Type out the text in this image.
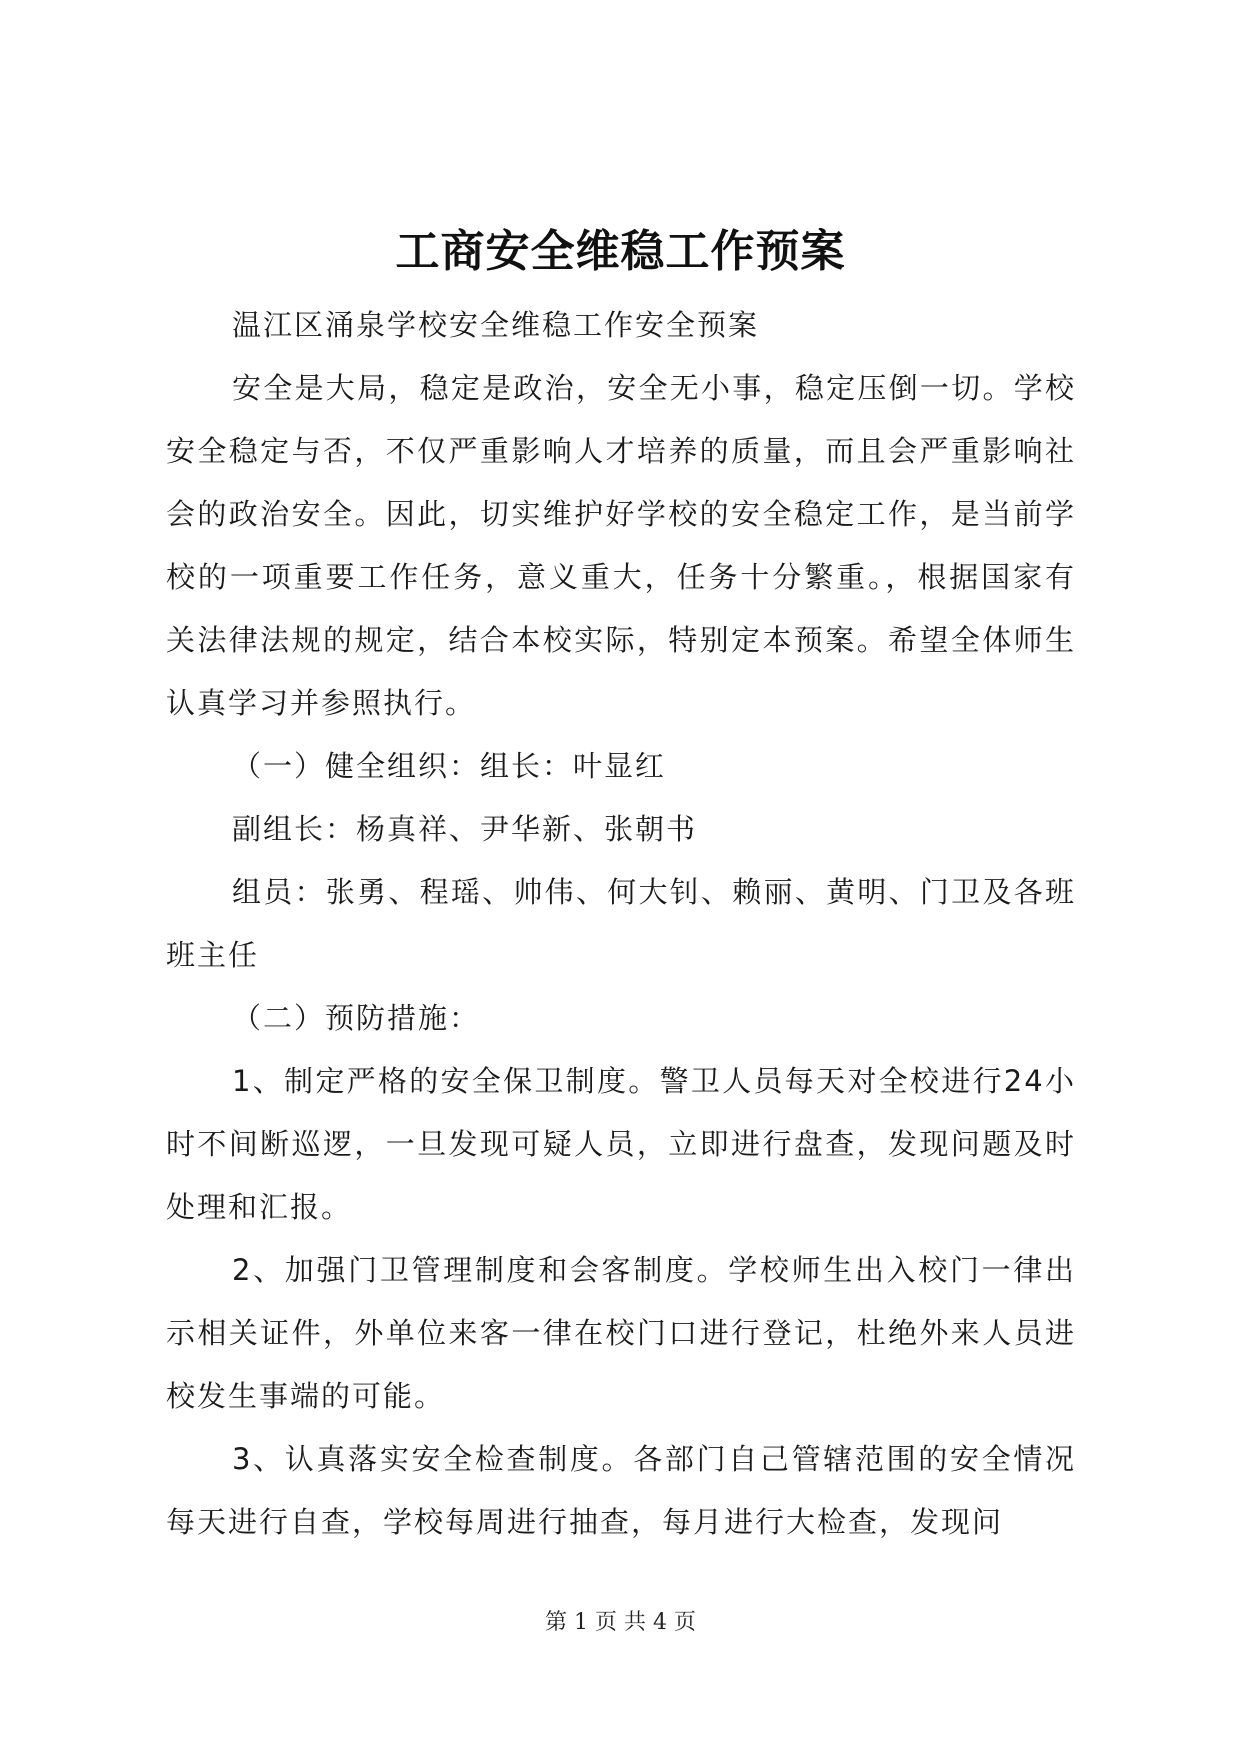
工商安全维稳工作预案

温江区涌泉学校安全维稳工作安全预案

安全是大局，稳定是政治，安全无小事，稳定压倒一切。学校安全稳定与否，不仅严重影响人才培养的质量，而且会严重影响社会的政治安全。因此，切实维护好学校的安全稳定工作，是当前学校的一项重要工作任务，意义重大，任务十分繁重。，根据国家有关法律法规的规定，结合本校实际，特别定本预案。希望全体师生认真学习并参照执行。

（一）健全组织：组长：叶显红

副组长：杨真祥、尹华新、张朝书

组员：张勇、程瑶、帅伟、何大钊、赖丽、黄明、门卫及各班班主任

（二）预防措施：

1、制定严格的安全保卫制度。警卫人员每天对全校进行24小时不间断巡逻，一旦发现可疑人员，立即进行盘查，发现问题及时处理和汇报。

2、加强门卫管理制度和会客制度。学校师生出入校门一律出示相关证件，外单位来客一律在校门口进行登记，杜绝外来人员进校发生事端的可能。

3、认真落实安全检查制度。各部门自己管辖范围的安全情况每天进行自查，学校每周进行抽查，每月进行大检查，发现问

第 1 页 共 4 页
